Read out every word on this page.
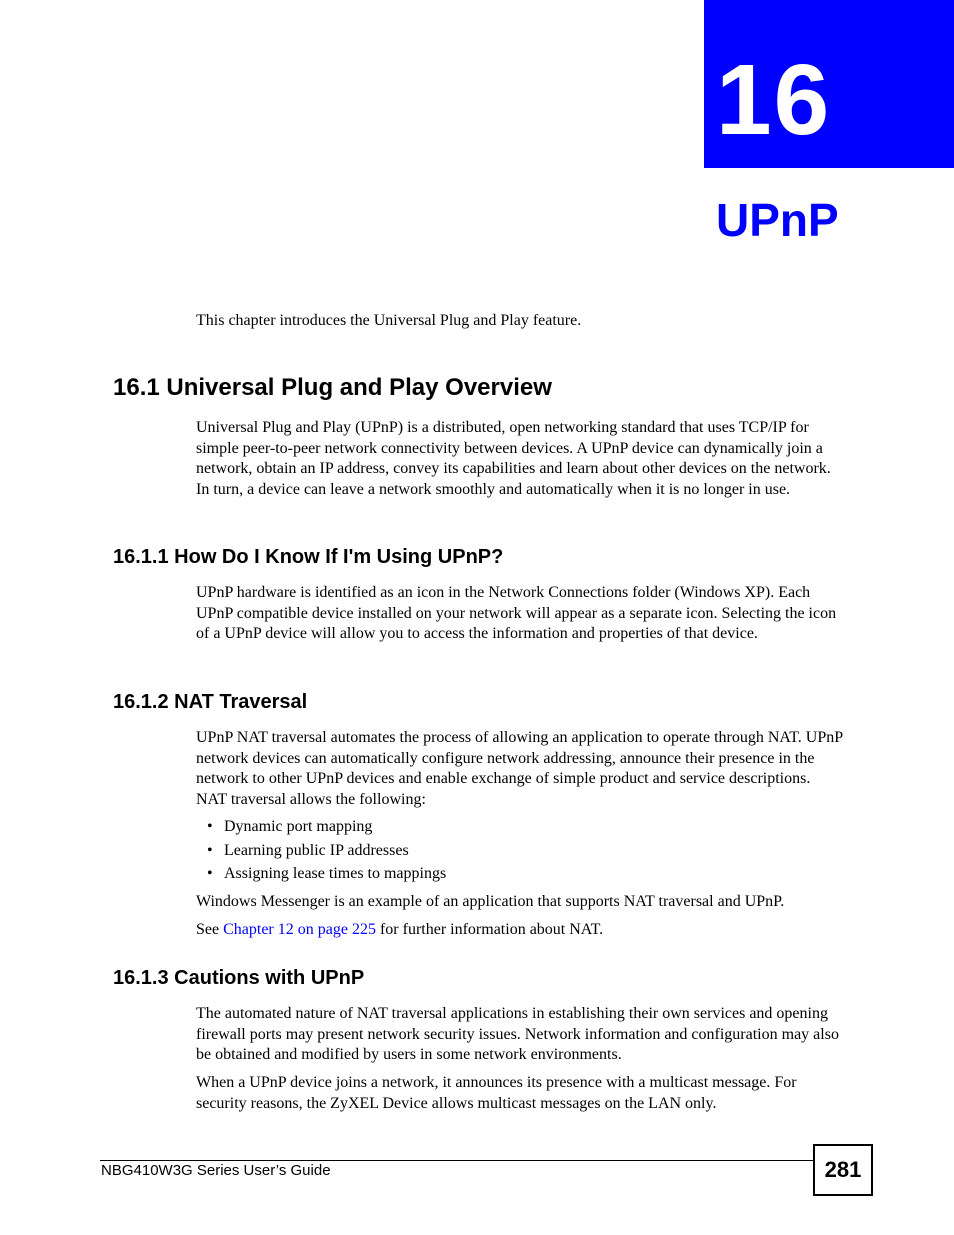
16
UPnP

This chapter introduces the Universal Plug and Play feature.

16.1 Universal Plug and Play Overview

Universal Plug and Play (UPnP) is a distributed, open networking standard that uses TCP/IP for simple peer-to-peer network connectivity between devices. A UPnP device can dynamically join a network, obtain an IP address, convey its capabilities and learn about other devices on the network. In turn, a device can leave a network smoothly and automatically when it is no longer in use.

16.1.1 How Do I Know If I'm Using UPnP?

UPnP hardware is identified as an icon in the Network Connections folder (Windows XP). Each UPnP compatible device installed on your network will appear as a separate icon. Selecting the icon of a UPnP device will allow you to access the information and properties of that device.

16.1.2 NAT Traversal

UPnP NAT traversal automates the process of allowing an application to operate through NAT. UPnP network devices can automatically configure network addressing, announce their presence in the network to other UPnP devices and enable exchange of simple product and service descriptions. NAT traversal allows the following:

• Dynamic port mapping
• Learning public IP addresses
• Assigning lease times to mappings

Windows Messenger is an example of an application that supports NAT traversal and UPnP.

See Chapter 12 on page 225 for further information about NAT.

16.1.3 Cautions with UPnP

The automated nature of NAT traversal applications in establishing their own services and opening firewall ports may present network security issues. Network information and configuration may also be obtained and modified by users in some network environments.

When a UPnP device joins a network, it announces its presence with a multicast message. For security reasons, the ZyXEL Device allows multicast messages on the LAN only.

NBG410W3G Series User’s Guide	281
